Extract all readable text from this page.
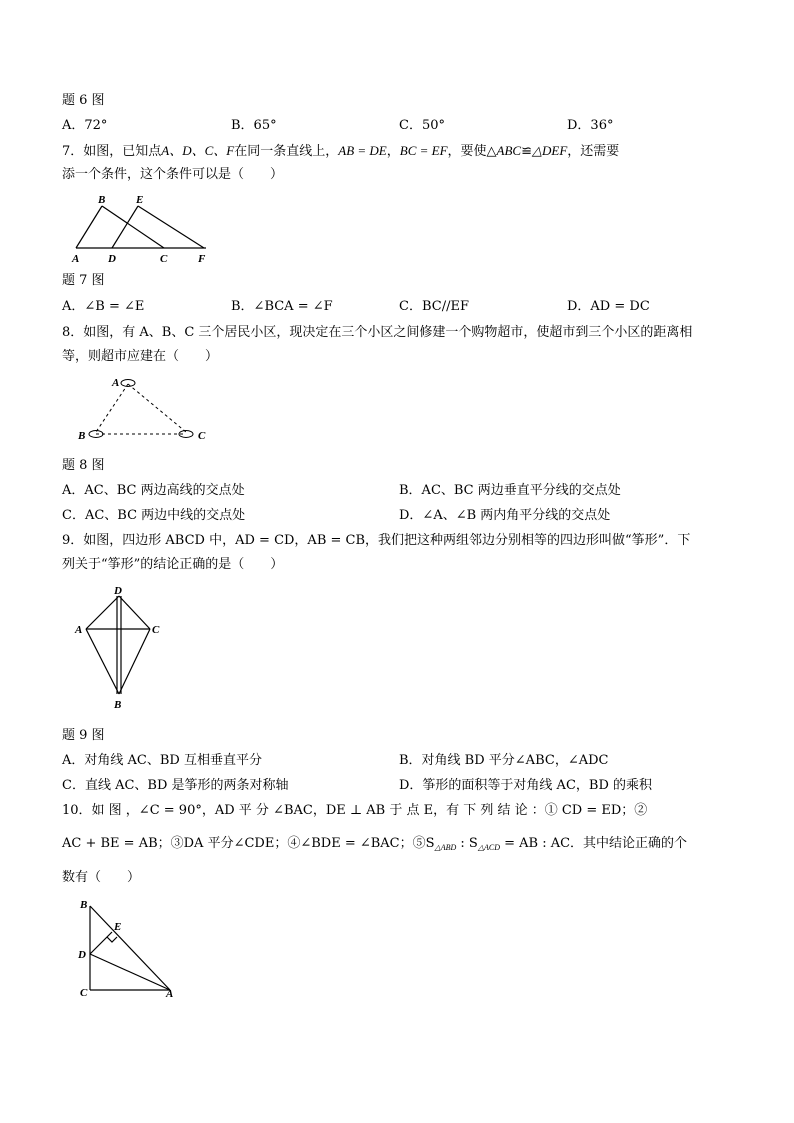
题 6 图
A．72°	B．65°	C．50°	D．36°
7．如图，已知点A、D、C、F在同一条直线上，AB = DE，BC = EF，要使△ABC≌△DEF，还需要
添一个条件，这个条件可以是（　　）
B	E
A	D	C	F
题 7 图
A．∠B = ∠E	B．∠BCA = ∠F	C．BC//EF	D．AD = DC
8．如图，有 A、B、C 三个居民小区，现决定在三个小区之间修建一个购物超市，使超市到三个小区的距离相
等，则超市应建在（　　）
A
B	C
题 8 图
A．AC、BC 两边高线的交点处	B．AC、BC 两边垂直平分线的交点处
C．AC、BC 两边中线的交点处	D．∠A、∠B 两内角平分线的交点处
9．如图，四边形 ABCD 中，AD = CD，AB = CB，我们把这种两组邻边分别相等的四边形叫做“筝形”．下
列关于“筝形”的结论正确的是（　　）
D
A	C
B
题 9 图
A．对角线 AC、BD 互相垂直平分	B．对角线 BD 平分∠ABC，∠ADC
C．直线 AC、BD 是筝形的两条对称轴	D．筝形的面积等于对角线 AC，BD 的乘积
10．如 图 ，∠C = 90°，AD 平 分 ∠BAC，DE ⊥ AB 于 点 E，有 下 列 结 论 ：① CD = ED；②
AC + BE = AB；③DA 平分∠CDE；④∠BDE = ∠BAC；$⑤S_{\triangle ABD}$ : $S_{\triangle ACD}$ = AB : AC．其中结论正确的个
数有（　　）
B
E
D
C	A
